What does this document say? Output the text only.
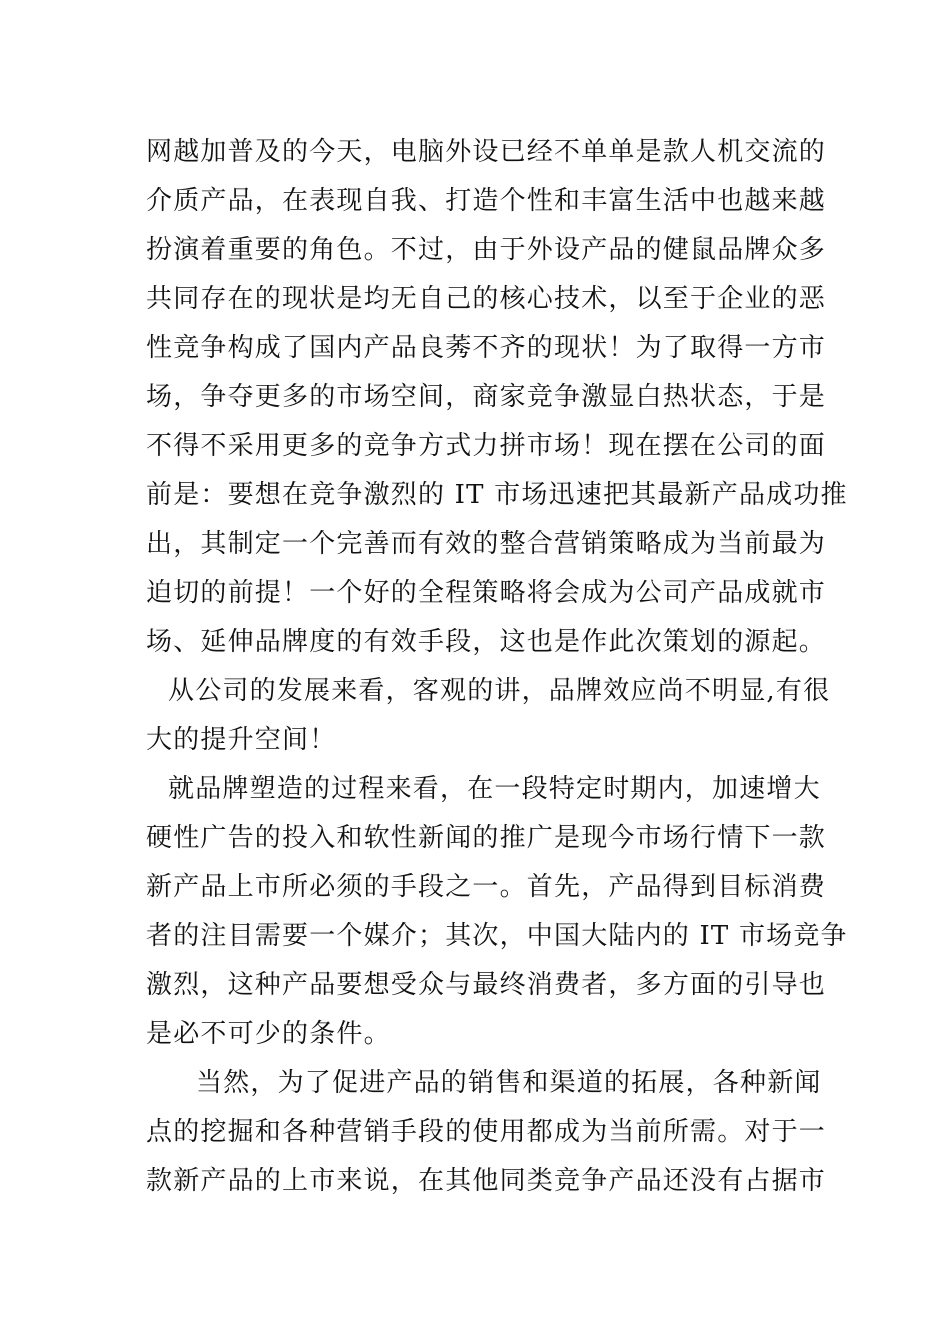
网越加普及的今天，电脑外设已经不单单是款人机交流的
介质产品，在表现自我、打造个性和丰富生活中也越来越
扮演着重要的角色。不过，由于外设产品的健鼠品牌众多
共同存在的现状是均无自己的核心技术，以至于企业的恶
性竞争构成了国内产品良莠不齐的现状！为了取得一方市
场，争夺更多的市场空间，商家竞争激显白热状态，于是
不得不采用更多的竞争方式力拼市场！现在摆在公司的面
前是：要想在竞争激烈的 IT 市场迅速把其最新产品成功推
出，其制定一个完善而有效的整合营销策略成为当前最为
迫切的前提！一个好的全程策略将会成为公司产品成就市
场、延伸品牌度的有效手段，这也是作此次策划的源起。
从公司的发展来看，客观的讲，品牌效应尚不明显,有很
大的提升空间！
就品牌塑造的过程来看，在一段特定时期内，加速增大
硬性广告的投入和软性新闻的推广是现今市场行情下一款
新产品上市所必须的手段之一。首先，产品得到目标消费
者的注目需要一个媒介；其次，中国大陆内的 IT 市场竞争
激烈，这种产品要想受众与最终消费者，多方面的引导也
是必不可少的条件。
当然，为了促进产品的销售和渠道的拓展，各种新闻
点的挖掘和各种营销手段的使用都成为当前所需。对于一
款新产品的上市来说，在其他同类竞争产品还没有占据市
